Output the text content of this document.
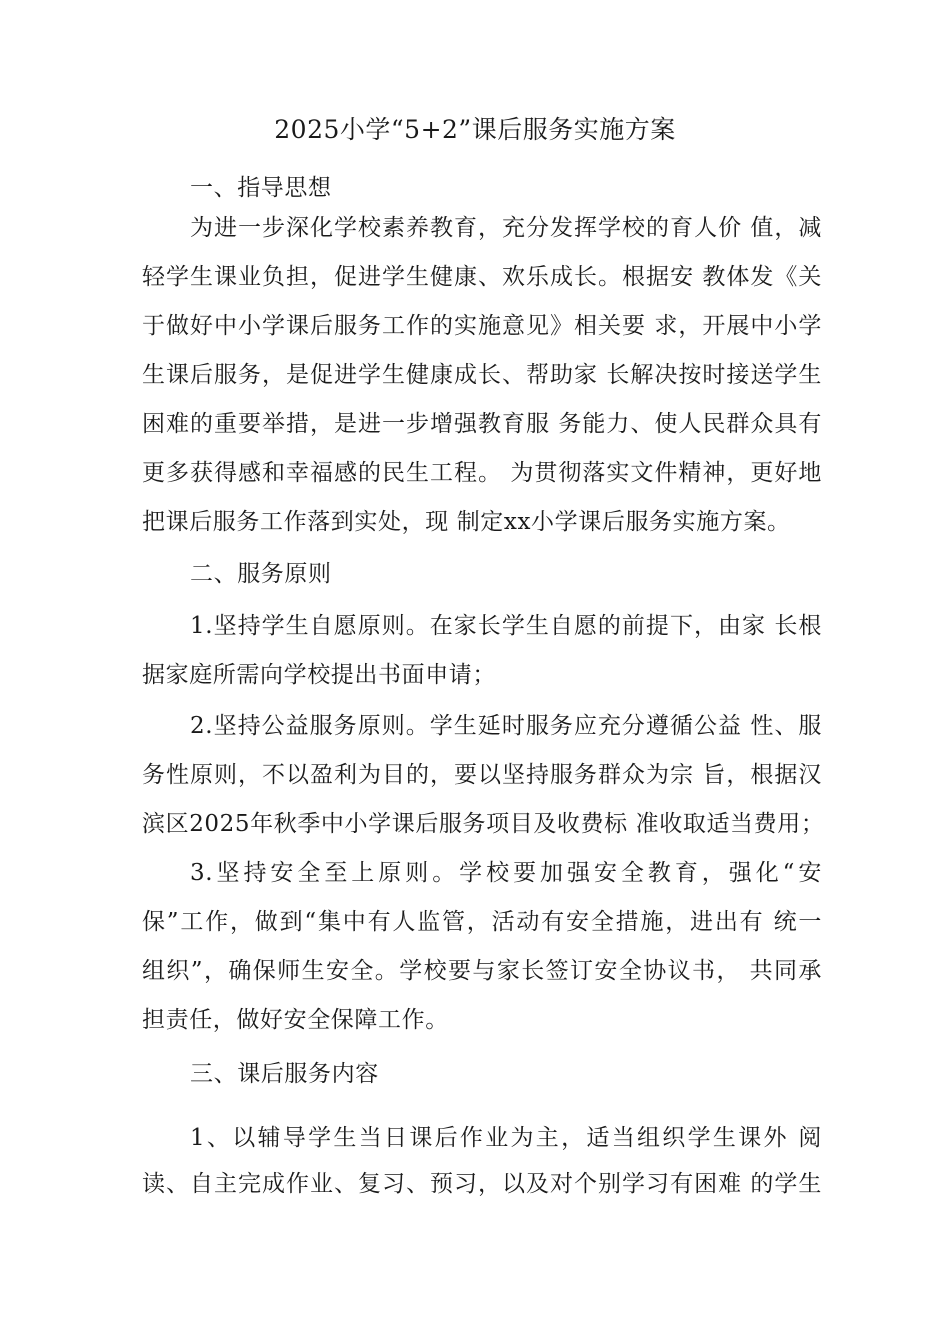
2025小学“5+2”课后服务实施方案
一、指导思想
为进一步深化学校素养教育，充分发挥学校的育人价 值，减
轻学生课业负担，促进学生健康、欢乐成长。根据安 教体发《关
于做好中小学课后服务工作的实施意见》相关要 求，开展中小学
生课后服务，是促进学生健康成长、帮助家 长解决按时接送学生
困难的重要举措，是进一步增强教育服 务能力、使人民群众具有
更多获得感和幸福感的民生工程。 为贯彻落实文件精神，更好地
把课后服务工作落到实处，现 制定xx小学课后服务实施方案。
二、服务原则
1.坚持学生自愿原则。在家长学生自愿的前提下，由家 长根
据家庭所需向学校提出书面申请；
2.坚持公益服务原则。学生延时服务应充分遵循公益 性、服
务性原则，不以盈利为目的，要以坚持服务群众为宗 旨，根据汉
滨区2025年秋季中小学课后服务项目及收费标 准收取适当费用；
3.坚持安全至上原则。学校要加强安全教育，强化“安
保”工作，做到“集中有人监管，活动有安全措施，进出有 统一
组织”，确保师生安全。学校要与家长签订安全协议书， 共同承
担责任，做好安全保障工作。
三、课后服务内容
1、以辅导学生当日课后作业为主，适当组织学生课外 阅
读、自主完成作业、复习、预习，以及对个别学习有困难 的学生
